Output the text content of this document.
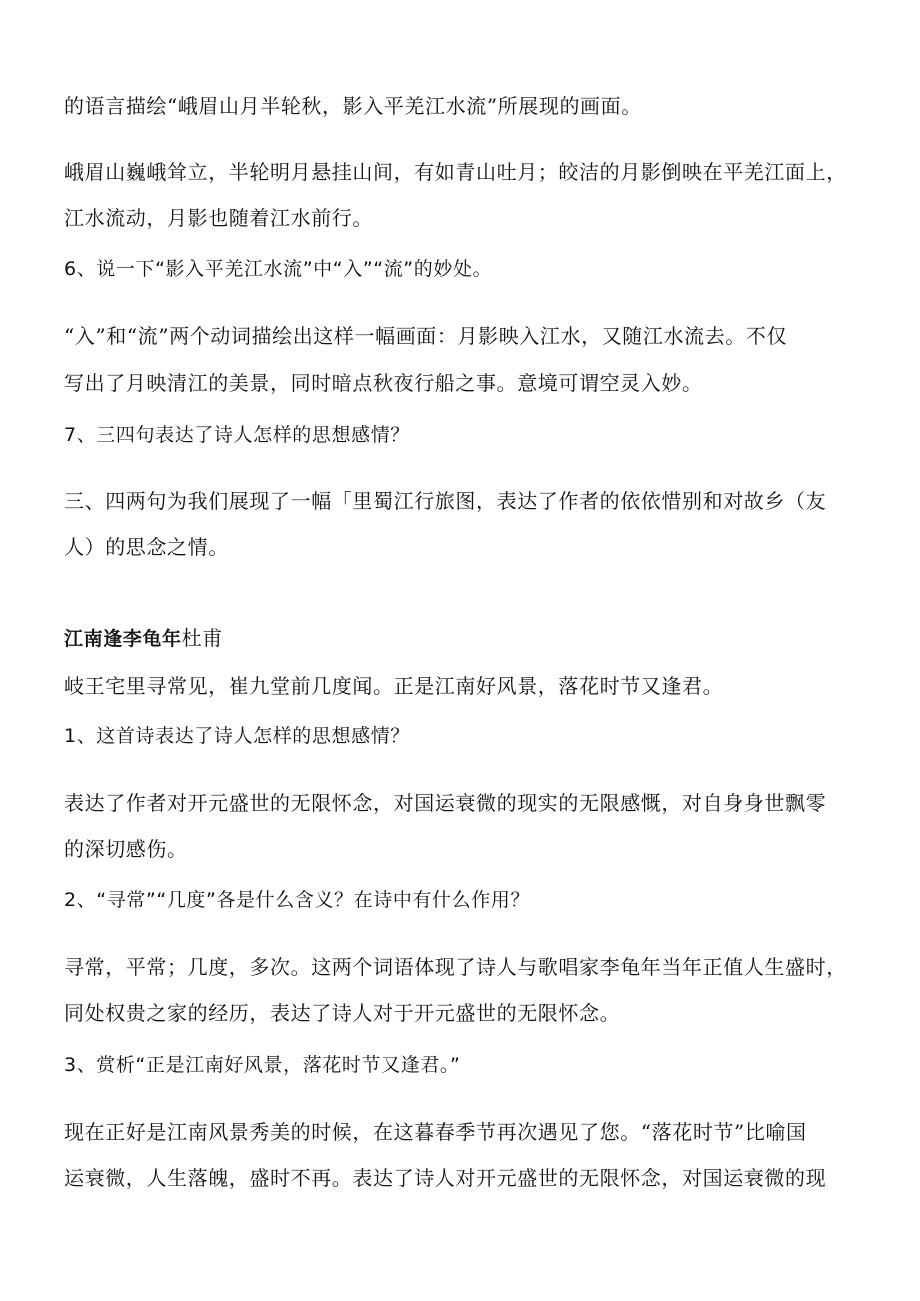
的语言描绘“峨眉山月半轮秋，影入平羌江水流”所展现的画面。
峨眉山巍峨耸立，半轮明月悬挂山间，有如青山吐月；皎洁的月影倒映在平羌江面上，
江水流动，月影也随着江水前行。
6、说一下“影入平羌江水流”中“入”“流”的妙处。
“入”和“流”两个动词描绘出这样一幅画面：月影映入江水，又随江水流去。不仅
写出了月映清江的美景，同时暗点秋夜行船之事。意境可谓空灵入妙。
7、三四句表达了诗人怎样的思想感情？
三、四两句为我们展现了一幅「里蜀江行旅图，表达了作者的依依惜别和对故乡（友
人）的思念之情。
江南逢李龟年杜甫
岐王宅里寻常见，崔九堂前几度闻。正是江南好风景，落花时节又逢君。
1、这首诗表达了诗人怎样的思想感情？
表达了作者对开元盛世的无限怀念，对国运衰微的现实的无限感慨，对自身身世飘零
的深切感伤。
2、“寻常”“几度”各是什么含义？在诗中有什么作用？
寻常，平常；几度，多次。这两个词语体现了诗人与歌唱家李龟年当年正值人生盛时，
同处权贵之家的经历，表达了诗人对于开元盛世的无限怀念。
3、赏析“正是江南好风景，落花时节又逢君。”
现在正好是江南风景秀美的时候，在这暮春季节再次遇见了您。“落花时节”比喻国
运衰微，人生落魄，盛时不再。表达了诗人对开元盛世的无限怀念，对国运衰微的现
